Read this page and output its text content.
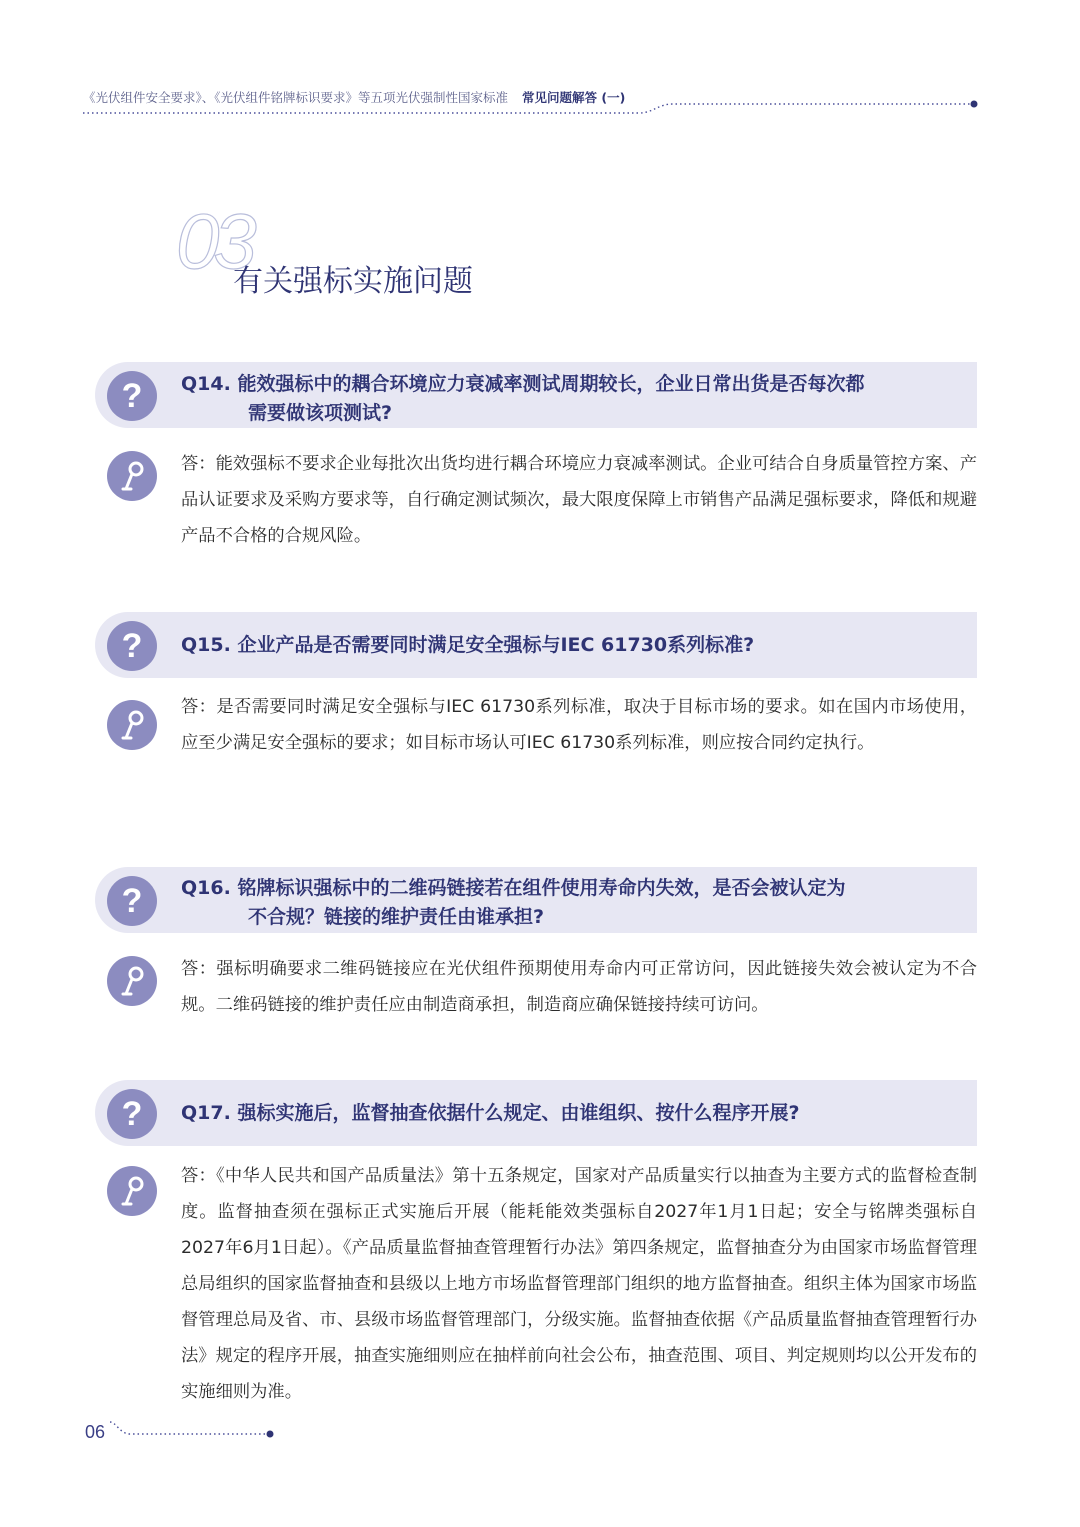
《光伏组件安全要求》、《光伏组件铭牌标识要求》等五项光伏强制性国家标准 常见问题解答 (一)
03
有关强标实施问题
?	Q14. 能效强标中的耦合环境应力衰减率测试周期较长，企业日常出货是否每次都
需要做该项测试?
答：能效强标不要求企业每批次出货均进行耦合环境应力衰减率测试。企业可结合自身质量管控方案、产品认证要求及采购方要求等，自行确定测试频次，最大限度保障上市销售产品满足强标要求，降低和规避产品不合格的合规风险。
?	Q15. 企业产品是否需要同时满足安全强标与IEC 61730系列标准?
答：是否需要同时满足安全强标与IEC 61730系列标准，取决于目标市场的要求。如在国内市场使用，应至少满足安全强标的要求；如目标市场认可IEC 61730系列标准，则应按合同约定执行。
?	Q16. 铭牌标识强标中的二维码链接若在组件使用寿命内失效，是否会被认定为
不合规？链接的维护责任由谁承担?
答：强标明确要求二维码链接应在光伏组件预期使用寿命内可正常访问，因此链接失效会被认定为不合规。二维码链接的维护责任应由制造商承担，制造商应确保链接持续可访问。
?	Q17. 强标实施后，监督抽查依据什么规定、由谁组织、按什么程序开展?
答：《中华人民共和国产品质量法》第十五条规定，国家对产品质量实行以抽查为主要方式的监督检查制度。监督抽查须在强标正式实施后开展（能耗能效类强标自2027年1月1日起；安全与铭牌类强标自2027年6月1日起）。《产品质量监督抽查管理暂行办法》第四条规定，监督抽查分为由国家市场监督管理总局组织的国家监督抽查和县级以上地方市场监督管理部门组织的地方监督抽查。组织主体为国家市场监督管理总局及省、市、县级市场监督管理部门，分级实施。监督抽查依据《产品质量监督抽查管理暂行办法》规定的程序开展，抽查实施细则应在抽样前向社会公布，抽查范围、项目、判定规则均以公开发布的实施细则为准。
06
